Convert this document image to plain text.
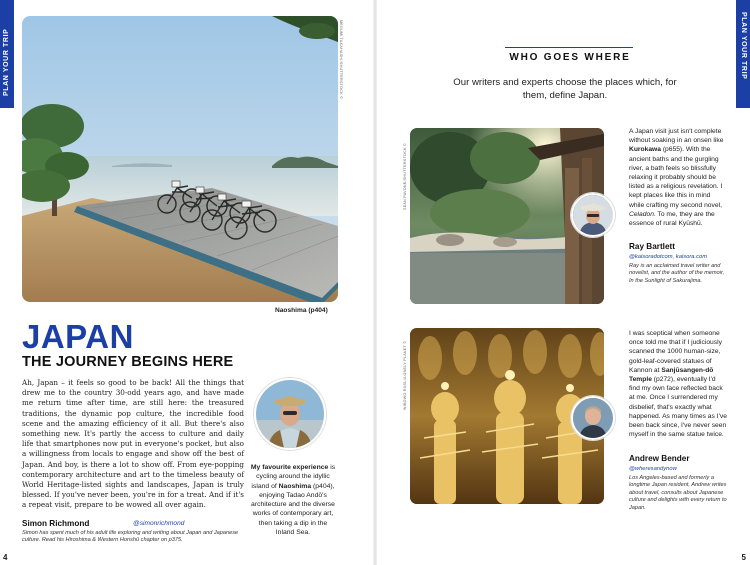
PLAN YOUR TRIP	PLAN YOUR TRIP
MEGUMI TAKAHASHI/SHUTTERSTOCK ©
Naoshima (p404)
JAPAN
THE JOURNEY BEGINS HERE
Ah, Japan – it feels so good to be back! All the things that drew me to the country 30-odd years ago, and have made me return time after time, are still here: the treasured traditions, the dynamic pop culture, the incredible food scene and the amazing efficiency of it all. But there's also something new. It's partly the access to culture and daily life that smartphones now put in everyone's pocket, but also a willingness from locals to engage and show off the best of Japan. And boy, is there a lot to show off. From eye-popping contemporary architecture and art to the timeless beauty of World Heritage-listed sights and landscapes, Japan is truly blessed. If you've never been, you're in for a treat. And if it's a repeat visit, prepare to be wowed all over again.
Simon Richmond	@simonrichmond
Simon has spent much of his adult life exploring and writing about Japan and Japanese culture. Read his Hiroshima & Western Honshū chapter on p375.
My favourite experience is cycling around the idyllic island of Naoshima (p404), enjoying Tadao Andō's architecture and the diverse works of contemporary art, then taking a dip in the Inland Sea.
4
WHO GOES WHERE
Our writers and experts choose the places which, for them, define Japan.
SEAN PAVONE/SHUTTERSTOCK ©
A Japan visit just isn't complete without soaking in an onsen like Kurokawa (p655). With the ancient baths and the gurgling river, a bath feels so blissfully relaxing it probably should be listed as a religious revelation. I kept places like this in mind while crafting my second novel, Celadon. To me, they are the essence of rural Kyūshū.
Ray Bartlett
@kaisoradotcom, kaisora.com
Ray is an acclaimed travel writer and novelist, and the author of the memoir, In the Sunlight of Sakurajima.
WIBOWO RUSLI/LONELY PLANET ©
I was sceptical when someone once told me that if I judiciously scanned the 1000 human-size, gold-leaf-covered statues of Kannon at Sanjūsangen-dō Temple (p272), eventually I'd find my own face reflected back at me. Once I surrendered my disbelief, that's exactly what happened. As many times as I've been back since, I've never seen myself in the same statue twice.
Andrew Bender
@wheresandynow
Los Angeles-based and formerly a longtime Japan resident, Andrew writes about travel, consults about Japanese culture and delights with every return to Japan.
5
